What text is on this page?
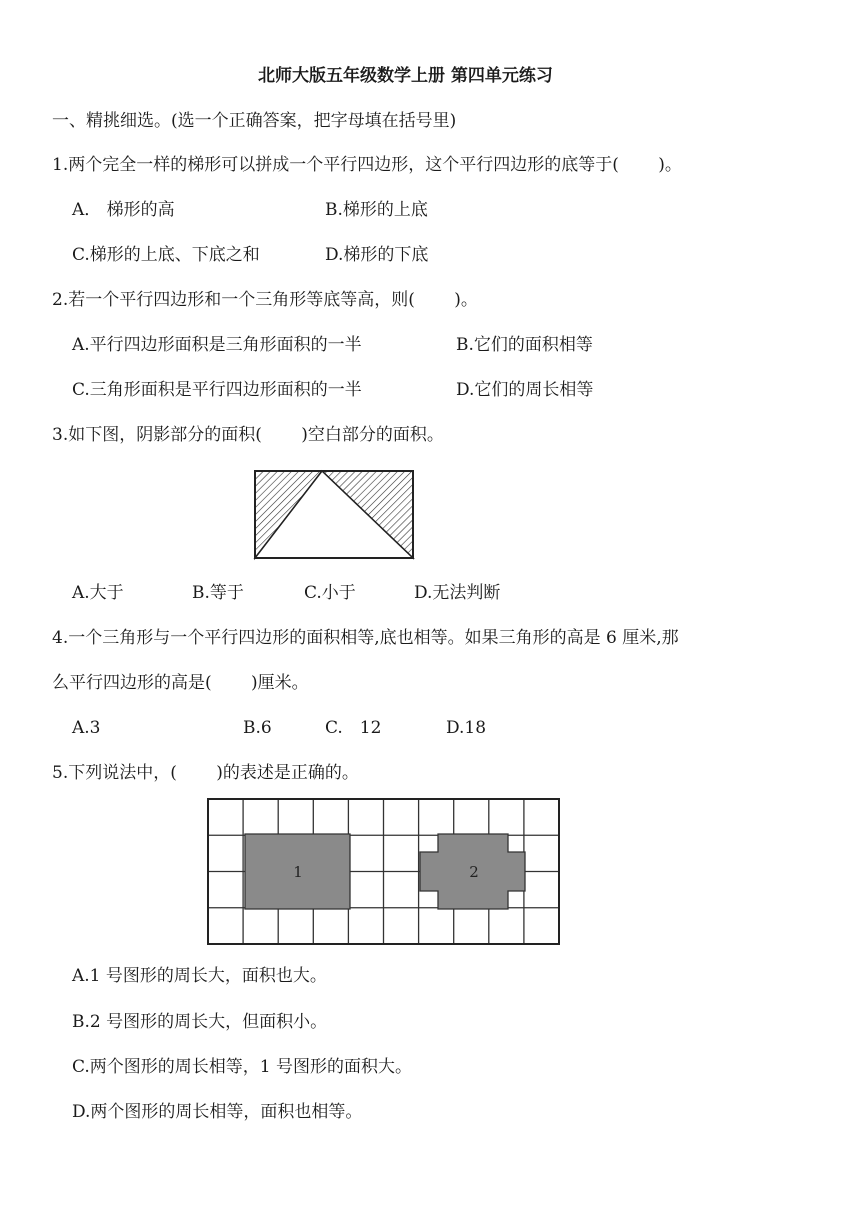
北师大版五年级数学上册 第四单元练习
一、精挑细选。(选一个正确答案，把字母填在括号里)
1.两个完全一样的梯形可以拼成一个平行四边形，这个平行四边形的底等于(　　 )。
A． 梯形的高	B.梯形的上底
C.梯形的上底、下底之和	D.梯形的下底
2.若一个平行四边形和一个三角形等底等高，则(　　 )。
A.平行四边形面积是三角形面积的一半	B.它们的面积相等
C.三角形面积是平行四边形面积的一半	D.它们的周长相等
3.如下图，阴影部分的面积(　　 )空白部分的面积。
A.大于	B.等于	C.小于	D.无法判断
4.一个三角形与一个平行四边形的面积相等,底也相等。如果三角形的高是 6 厘米,那
么平行四边形的高是(　　 )厘米。
A.3	B.6	C.　12	D.18
5.下列说法中，(　　 )的表述是正确的。
1	2
A.1 号图形的周长大，面积也大。
B.2 号图形的周长大，但面积小。
C.两个图形的周长相等，1 号图形的面积大。
D.两个图形的周长相等，面积也相等。
